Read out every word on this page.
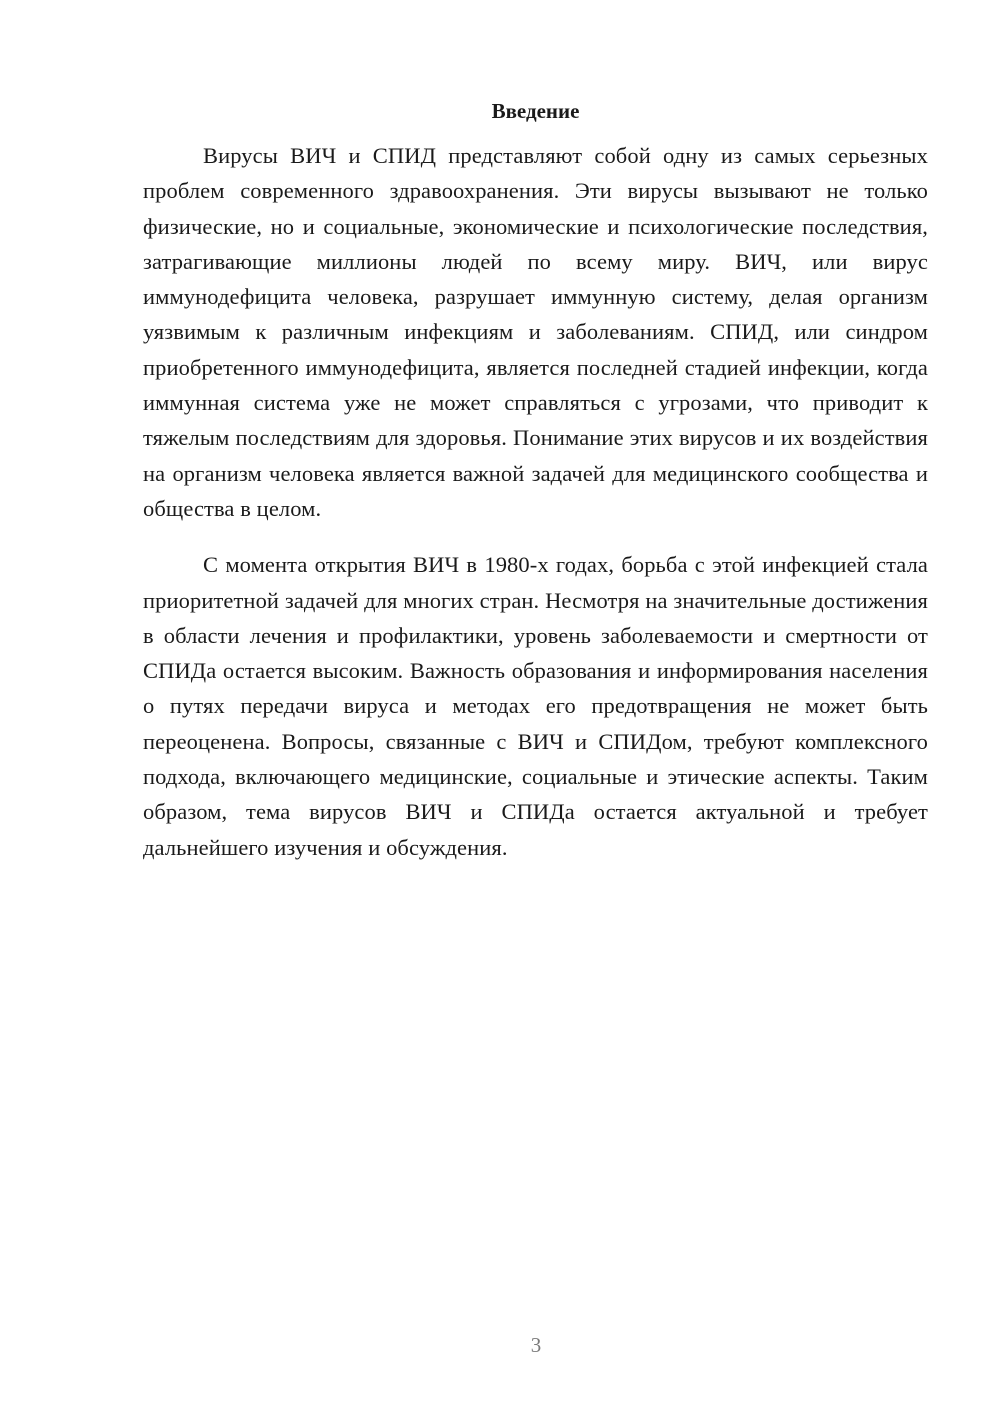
Введение

Вирусы ВИЧ и СПИД представляют собой одну из самых серьезных проблем современного здравоохранения. Эти вирусы вызывают не только физические, но и социальные, экономические и психологические последствия, затрагивающие миллионы людей по всему миру. ВИЧ, или вирус иммунодефицита человека, разрушает иммунную систему, делая организм уязвимым к различным инфекциям и заболеваниям. СПИД, или синдром приобретенного иммунодефицита, является последней стадией инфекции, когда иммунная система уже не может справляться с угрозами, что приводит к тяжелым последствиям для здоровья. Понимание этих вирусов и их воздействия на организм человека является важной задачей для медицинского сообщества и общества в целом.

С момента открытия ВИЧ в 1980-х годах, борьба с этой инфекцией стала приоритетной задачей для многих стран. Несмотря на значительные достижения в области лечения и профилактики, уровень заболеваемости и смертности от СПИДа остается высоким. Важность образования и информирования населения о путях передачи вируса и методах его предотвращения не может быть переоценена. Вопросы, связанные с ВИЧ и СПИДом, требуют комплексного подхода, включающего медицинские, социальные и этические аспекты. Таким образом, тема вирусов ВИЧ и СПИДа остается актуальной и требует дальнейшего изучения и обсуждения.

3
